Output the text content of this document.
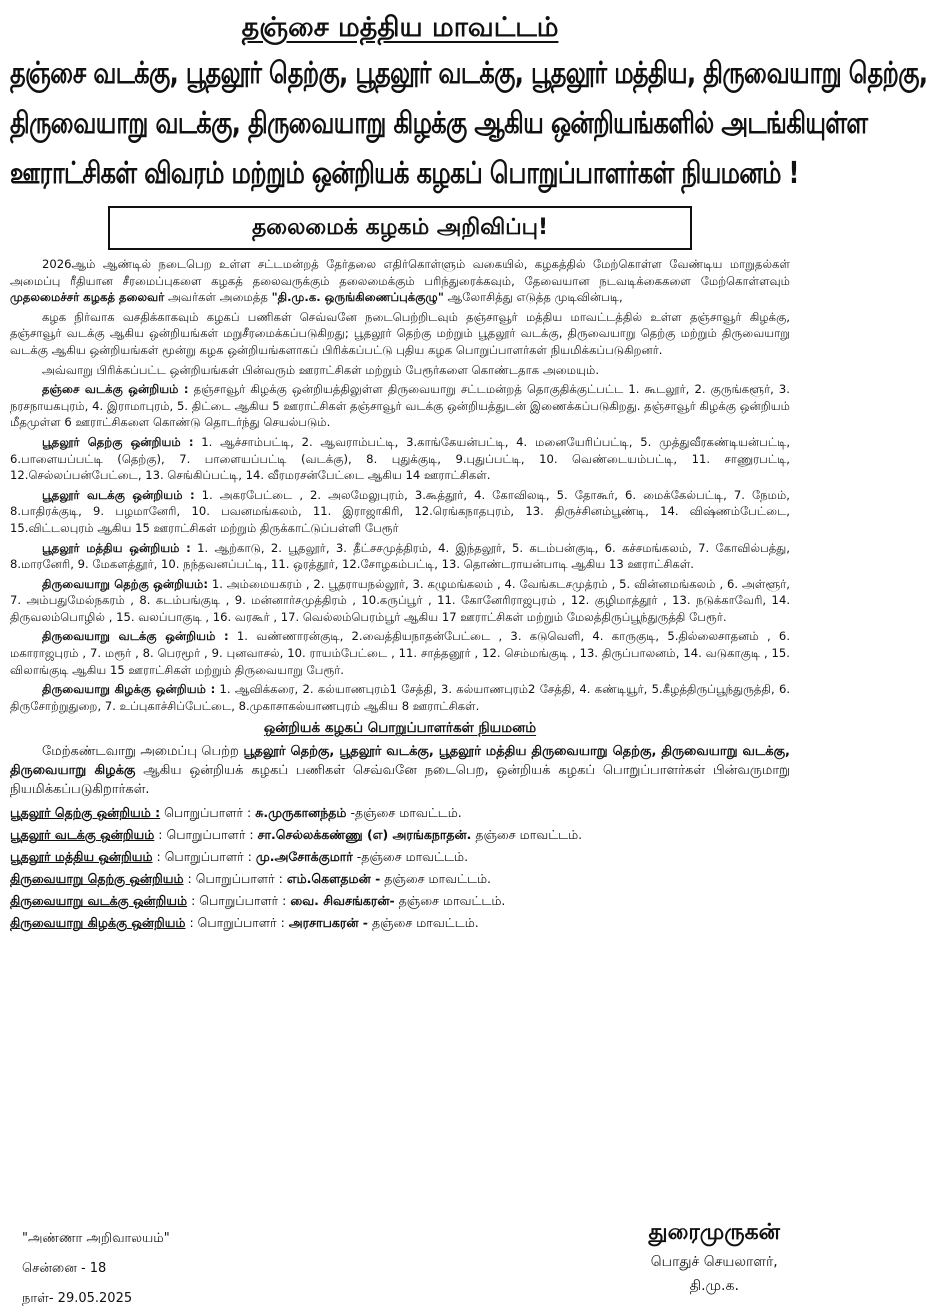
தஞ்சை மத்திய மாவட்டம்
தஞ்சை வடக்கு, பூதலூர் தெற்கு, பூதலூர் வடக்கு, பூதலூர் மத்திய, திருவையாறு தெற்கு,
திருவையாறு வடக்கு, திருவையாறு கிழக்கு ஆகிய ஒன்றியங்களில் அடங்கியுள்ள
ஊராட்சிகள் விவரம் மற்றும் ஒன்றியக் கழகப் பொறுப்பாளர்கள் நியமனம் !
தலைமைக் கழகம் அறிவிப்பு!

2026ஆம் ஆண்டில் நடைபெற உள்ள சட்டமன்றத் தேர்தலை எதிர்கொள்ளும் வகையில், கழகத்தில் மேற்கொள்ள வேண்டிய மாறுதல்கள் அமைப்பு ரீதியான சீரமைப்புகளை கழகத் தலைவருக்கும் தலைமைக்கும் பரிந்துரைக்கவும், தேவையான நடவடிக்கைகளை மேற்கொள்ளவும் முதலமைச்சர் கழகத் தலைவர் அவர்கள் அமைத்த "தி.மு.க. ஒருங்கிணைப்புக்குழு" ஆலோசித்து எடுத்த முடிவின்படி,

கழக நிர்வாக வசதிக்காகவும் கழகப் பணிகள் செவ்வனே நடைபெற்றிடவும் தஞ்சாவூர் மத்திய மாவட்டத்தில் உள்ள தஞ்சாவூர் கிழக்கு, தஞ்சாவூர் வடக்கு ஆகிய ஒன்றியங்கள் மறுசீரமைக்கப்படுகிறது; பூதலூர் தெற்கு மற்றும் பூதலூர் வடக்கு, திருவையாறு தெற்கு மற்றும் திருவையாறு வடக்கு ஆகிய ஒன்றியங்கள் மூன்று கழக ஒன்றியங்களாகப் பிரிக்கப்பட்டு புதிய கழக பொறுப்பாளர்கள் நியமிக்கப்படுகிறனர்.

அவ்வாறு பிரிக்கப்பட்ட ஒன்றியங்கள் பின்வரும் ஊராட்சிகள் மற்றும் பேரூர்களை கொண்டதாக அமையும்.

தஞ்சை வடக்கு ஒன்றியம் : தஞ்சாவூர் கிழக்கு ஒன்றியத்திலுள்ள திருவையாறு சட்டமன்றத் தொகுதிக்குட்பட்ட 1. கூடலூர், 2. குருங்களூர், 3. நரசநாயகபுரம், 4. இராமாபுரம், 5. திட்டை ஆகிய 5 ஊராட்சிகள் தஞ்சாவூர் வடக்கு ஒன்றியத்துடன் இணைக்கப்படுகிறது. தஞ்சாவூர் கிழக்கு ஒன்றியம் மீதமுள்ள 6 ஊராட்சிகளை கொண்டு தொடர்ந்து செயல்படும்.

பூதலூர் தெற்கு ஒன்றியம் : 1. ஆச்சாம்பட்டி, 2. ஆவராம்பட்டி, 3.காங்கேயன்பட்டி, 4. மனையேரிப்பட்டி, 5. முத்துவீரகண்டியன்பட்டி, 6.பாளையப்பட்டி (தெற்கு), 7. பாளையப்பட்டி (வடக்கு), 8. புதுக்குடி, 9.புதுப்பட்டி, 10. வெண்டையம்பட்டி, 11. சாணுரபட்டி, 12.செல்லப்பன்பேட்டை, 13. செங்கிப்பட்டி, 14. வீரமரசன்பேட்டை ஆகிய 14 ஊராட்சிகள்.

பூதலூர் வடக்கு ஒன்றியம் : 1. அகரபேட்டை , 2. அலமேலுபுரம், 3.கூத்தூர், 4. கோவிலடி, 5. தோகூர், 6. மைக்கேல்பட்டி, 7. நேமம், 8.பாதிரக்குடி, 9. பழமானேரி, 10. பவனமங்கலம், 11. இராஜாகிரி, 12.ரெங்கநாதபுரம், 13. திருச்சினம்பூண்டி, 14. விஷ்ணம்பேட்டை, 15.விட்டலபுரம் ஆகிய 15 ஊராட்சிகள் மற்றும் திருக்காட்டுப்பள்ளி பேரூர்

பூதலூர் மத்திய ஒன்றியம் : 1. ஆற்காடு, 2. பூதலூர், 3. தீட்சசமுத்திரம், 4. இந்தலூர், 5. கடம்பன்குடி, 6. கச்சமங்கலம், 7. கோவில்பத்து, 8.மாரனேரி, 9. மேகளத்தூர், 10. நந்தவனப்பட்டி, 11. ஒரத்தூர், 12.சோழகம்பட்டி, 13. தொண்டராயன்பாடி ஆகிய 13 ஊராட்சிகள்.

திருவையாறு தெற்கு ஒன்றியம்: 1. அம்மையகரம் , 2. பூதராயநல்லூர், 3. கழுமங்கலம் , 4. வேங்கடசமுத்ரம் , 5. வின்னமங்கலம் , 6. அள்ளூர், 7. அம்பதுமேல்நகரம் , 8. கடம்பங்குடி , 9. மன்னார்சமுத்திரம் , 10.கருப்பூர் , 11. கோனேரிராஜபுரம் , 12. குழிமாத்தூர் , 13. நடுக்காவேரி, 14. திருவலம்பொழில் , 15. வலப்பாகுடி , 16. வரகூர் , 17. வெல்லம்பெரம்பூர் ஆகிய 17 ஊராட்சிகள் மற்றும் மேலத்திருப்பூந்துருத்தி பேரூர்.

திருவையாறு வடக்கு ஒன்றியம் : 1. வண்ணாரன்குடி, 2.வைத்தியநாதன்பேட்டை , 3. கடுவெளி, 4. காருகுடி, 5.தில்லைசாதனம் , 6. மகாராஜபுரம் , 7. மரூர் , 8. பெரமூர் , 9. புனவாசல், 10. ராயம்பேட்டை , 11. சாத்தனூர் , 12. செம்மங்குடி , 13. திருப்பாலனம், 14. வடுகாகுடி , 15. விலாங்குடி ஆகிய 15 ஊராட்சிகள் மற்றும் திருவையாறு பேரூர்.

திருவையாறு கிழக்கு ஒன்றியம் : 1. ஆவிக்கரை, 2. கல்யாணபுரம்1 சேத்தி, 3. கல்யாணபுரம்2 சேத்தி, 4. கண்டியூர், 5.கீழத்திருப்பூந்துருத்தி, 6. திருசோற்றுதுறை, 7. உப்புகாச்சிப்பேட்டை, 8.முகாசாகல்யாணபுரம் ஆகிய 8 ஊராட்சிகள்.

ஒன்றியக் கழகப் பொறுப்பாளர்கள் நியமனம்

மேற்கண்டவாறு அமைப்பு பெற்ற பூதலூர் தெற்கு, பூதலூர் வடக்கு, பூதலூர் மத்திய திருவையாறு தெற்கு, திருவையாறு வடக்கு, திருவையாறு கிழக்கு ஆகிய ஒன்றியக் கழகப் பணிகள் செவ்வனே நடைபெற, ஒன்றியக் கழகப் பொறுப்பாளர்கள் பின்வருமாறு நியமிக்கப்படுகிறார்கள்.

பூதலூர் தெற்கு ஒன்றியம் : பொறுப்பாளர் : சு.முருகானந்தம் -தஞ்சை மாவட்டம்.
பூதலூர் வடக்கு ஒன்றியம் : பொறுப்பாளர் : சா.செல்லக்கண்ணு (எ) அரங்கநாதன். தஞ்சை மாவட்டம்.
பூதலூர் மத்திய ஒன்றியம் : பொறுப்பாளர் : மு.அசோக்குமார் -தஞ்சை மாவட்டம்.
திருவையாறு தெற்கு ஒன்றியம் : பொறுப்பாளர் : எம்.கௌதமன் - தஞ்சை மாவட்டம்.
திருவையாறு வடக்கு ஒன்றியம் : பொறுப்பாளர் : வை. சிவசங்கரன்- தஞ்சை மாவட்டம்.
திருவையாறு கிழக்கு ஒன்றியம் : பொறுப்பாளர் : அரசாபகரன் - தஞ்சை மாவட்டம்.
"அண்ணா அறிவாலயம்"
சென்னை - 18
நாள்- 29.05.2025
துரைமுருகன்
பொதுச் செயலாளர்,
தி.மு.க.
